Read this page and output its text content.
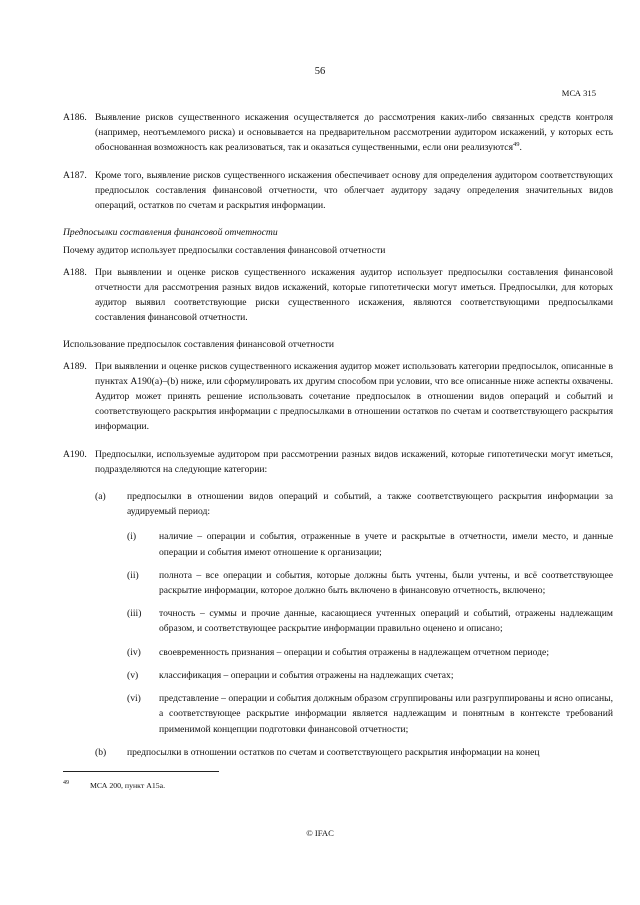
56
МСА 315
A186. Выявление рисков существенного искажения осуществляется до рассмотрения каких-либо связанных средств контроля (например, неотъемлемого риска) и основывается на предварительном рассмотрении аудитором искажений, у которых есть обоснованная возможность как реализоваться, так и оказаться существенными, если они реализуются$^{49}$.
A187. Кроме того, выявление рисков существенного искажения обеспечивает основу для определения аудитором соответствующих предпосылок составления финансовой отчетности, что облегчает аудитору задачу определения значительных видов операций, остатков по счетам и раскрытия информации.
Предпосылки составления финансовой отчетности
Почему аудитор использует предпосылки составления финансовой отчетности
A188. При выявлении и оценке рисков существенного искажения аудитор использует предпосылки составления финансовой отчетности для рассмотрения разных видов искажений, которые гипотетически могут иметься. Предпосылки, для которых аудитор выявил соответствующие риски существенного искажения, являются соответствующими предпосылками составления финансовой отчетности.
Использование предпосылок составления финансовой отчетности
A189. При выявлении и оценке рисков существенного искажения аудитор может использовать категории предпосылок, описанные в пунктах A190(a)–(b) ниже, или сформулировать их другим способом при условии, что все описанные ниже аспекты охвачены. Аудитор может принять решение использовать сочетание предпосылок в отношении видов операций и событий и соответствующего раскрытия информации с предпосылками в отношении остатков по счетам и соответствующего раскрытия информации.
A190. Предпосылки, используемые аудитором при рассмотрении разных видов искажений, которые гипотетически могут иметься, подразделяются на следующие категории:
(a)	предпосылки в отношении видов операций и событий, а также соответствующего раскрытия информации за аудируемый период:
(i)	наличие – операции и события, отраженные в учете и раскрытые в отчетности, имели место, и данные операции и события имеют отношение к организации;
(ii)	полнота – все операции и события, которые должны быть учтены, были учтены, и всё соответствующее раскрытие информации, которое должно быть включено в финансовую отчетность, включено;
(iii)	точность – суммы и прочие данные, касающиеся учтенных операций и событий, отражены надлежащим образом, и соответствующее раскрытие информации правильно оценено и описано;
(iv)	своевременность признания – операции и события отражены в надлежащем отчетном периоде;
(v)	классификация – операции и события отражены на надлежащих счетах;
(vi)	представление – операции и события должным образом сгруппированы или разгруппированы и ясно описаны, а соответствующее раскрытие информации является надлежащим и понятным в контексте требований применимой концепции подготовки финансовой отчетности;
(b)	предпосылки в отношении остатков по счетам и соответствующего раскрытия информации на конец
49	МСА 200, пункт A15a.
© IFAC
